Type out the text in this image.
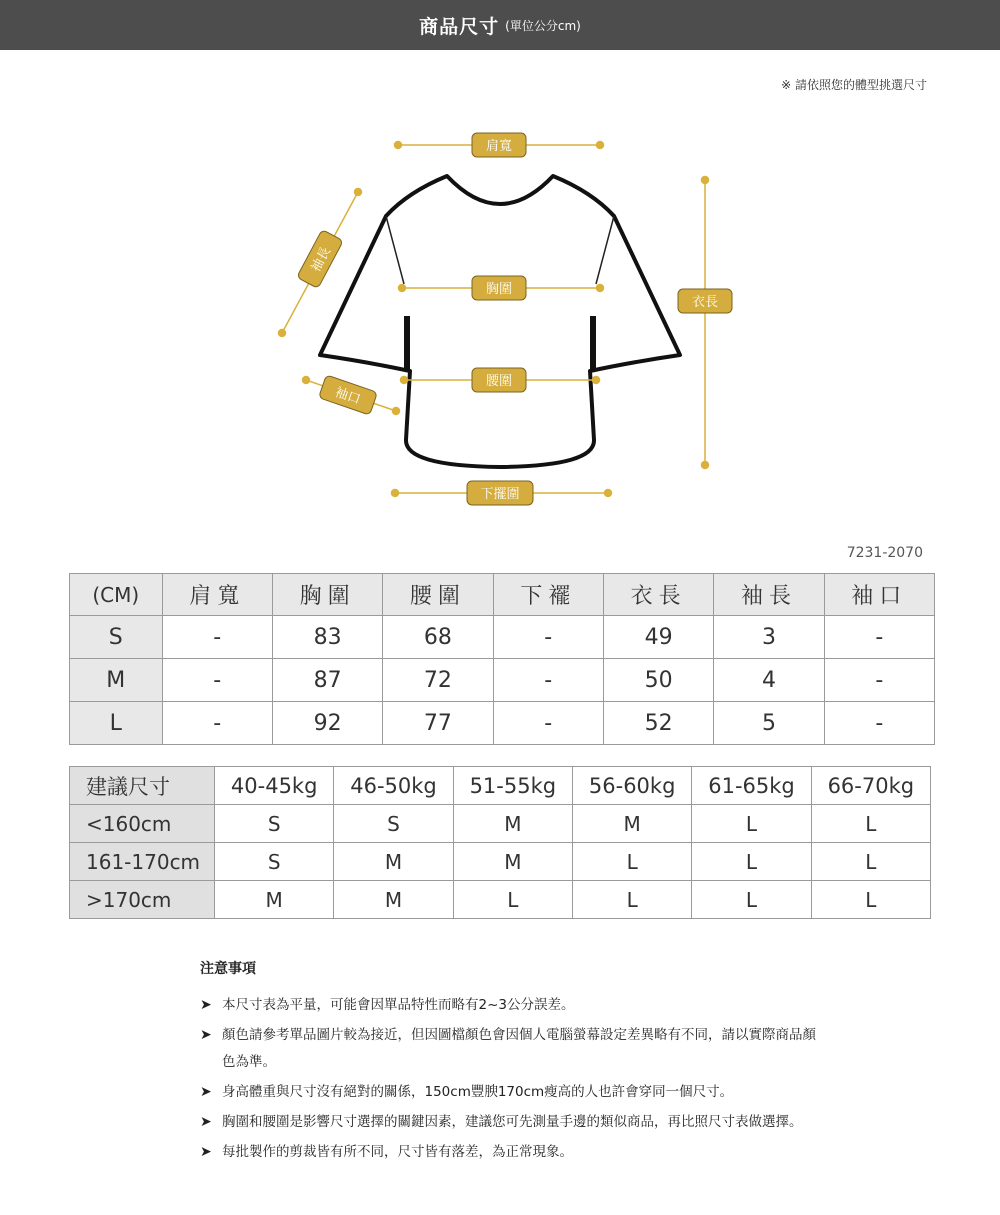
商品尺寸 (單位公分cm)
※ 請依照您的體型挑選尺寸
肩寬
胸圍
腰圍
下擺圍
衣長
袖長
袖口
7231-2070
(CM)	肩寬	胸圍	腰圍	下襬	衣長	袖長	袖口
S	-	83	68	-	49	3	-
M	-	87	72	-	50	4	-
L	-	92	77	-	52	5	-
建議尺寸	40-45kg	46-50kg	51-55kg	56-60kg	61-65kg	66-70kg
<160cm	S	S	M	M	L	L
161-170cm	S	M	M	L	L	L
>170cm	M	M	L	L	L	L
注意事項
➤ 本尺寸表為平量，可能會因單品特性而略有2~3公分誤差。
➤ 顏色請參考單品圖片較為接近，但因圖檔顏色會因個人電腦螢幕設定差異略有不同，請以實際商品顏色為準。
➤ 身高體重與尺寸沒有絕對的關係，150cm豐腴170cm瘦高的人也許會穿同一個尺寸。
➤ 胸圍和腰圍是影響尺寸選擇的關鍵因素，建議您可先測量手邊的類似商品，再比照尺寸表做選擇。
➤ 每批製作的剪裁皆有所不同，尺寸皆有落差，為正常現象。
